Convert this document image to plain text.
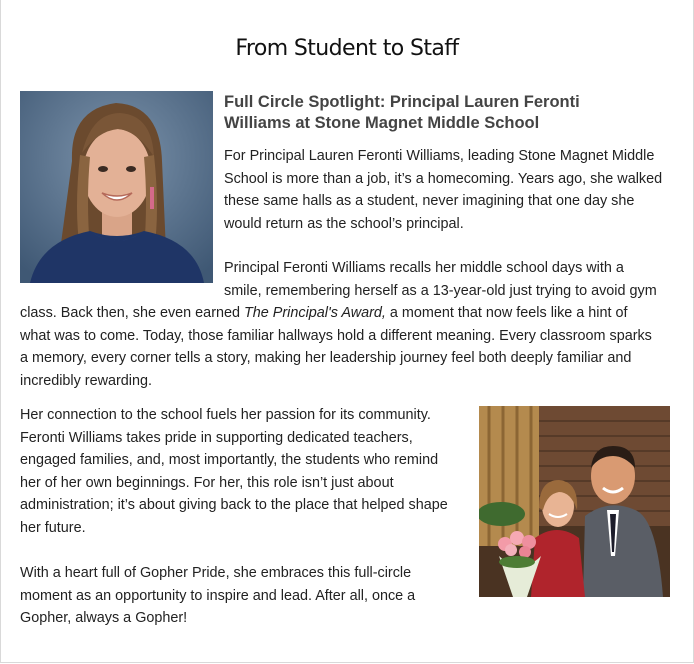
From Student to Staff
Full Circle Spotlight: Principal Lauren Feronti
Williams at Stone Magnet Middle School
For Principal Lauren Feronti Williams, leading Stone Magnet Middle
School is more than a job, it’s a homecoming. Years ago, she walked
these same halls as a student, never imagining that one day she
would return as the school’s principal.
Principal Feronti Williams recalls her middle school days with a
smile, remembering herself as a 13-year-old just trying to avoid gym
class. Back then, she even earned The Principal's Award, a moment that now feels like a hint of
what was to come. Today, those familiar hallways hold a different meaning. Every classroom sparks
a memory, every corner tells a story, making her leadership journey feel both deeply familiar and
incredibly rewarding.
Her connection to the school fuels her passion for its community.
Feronti Williams takes pride in supporting dedicated teachers,
engaged families, and, most importantly, the students who remind
her of her own beginnings. For her, this role isn’t just about
administration; it’s about giving back to the place that helped shape
her future.
With a heart full of Gopher Pride, she embraces this full-circle
moment as an opportunity to inspire and lead. After all, once a
Gopher, always a Gopher!
